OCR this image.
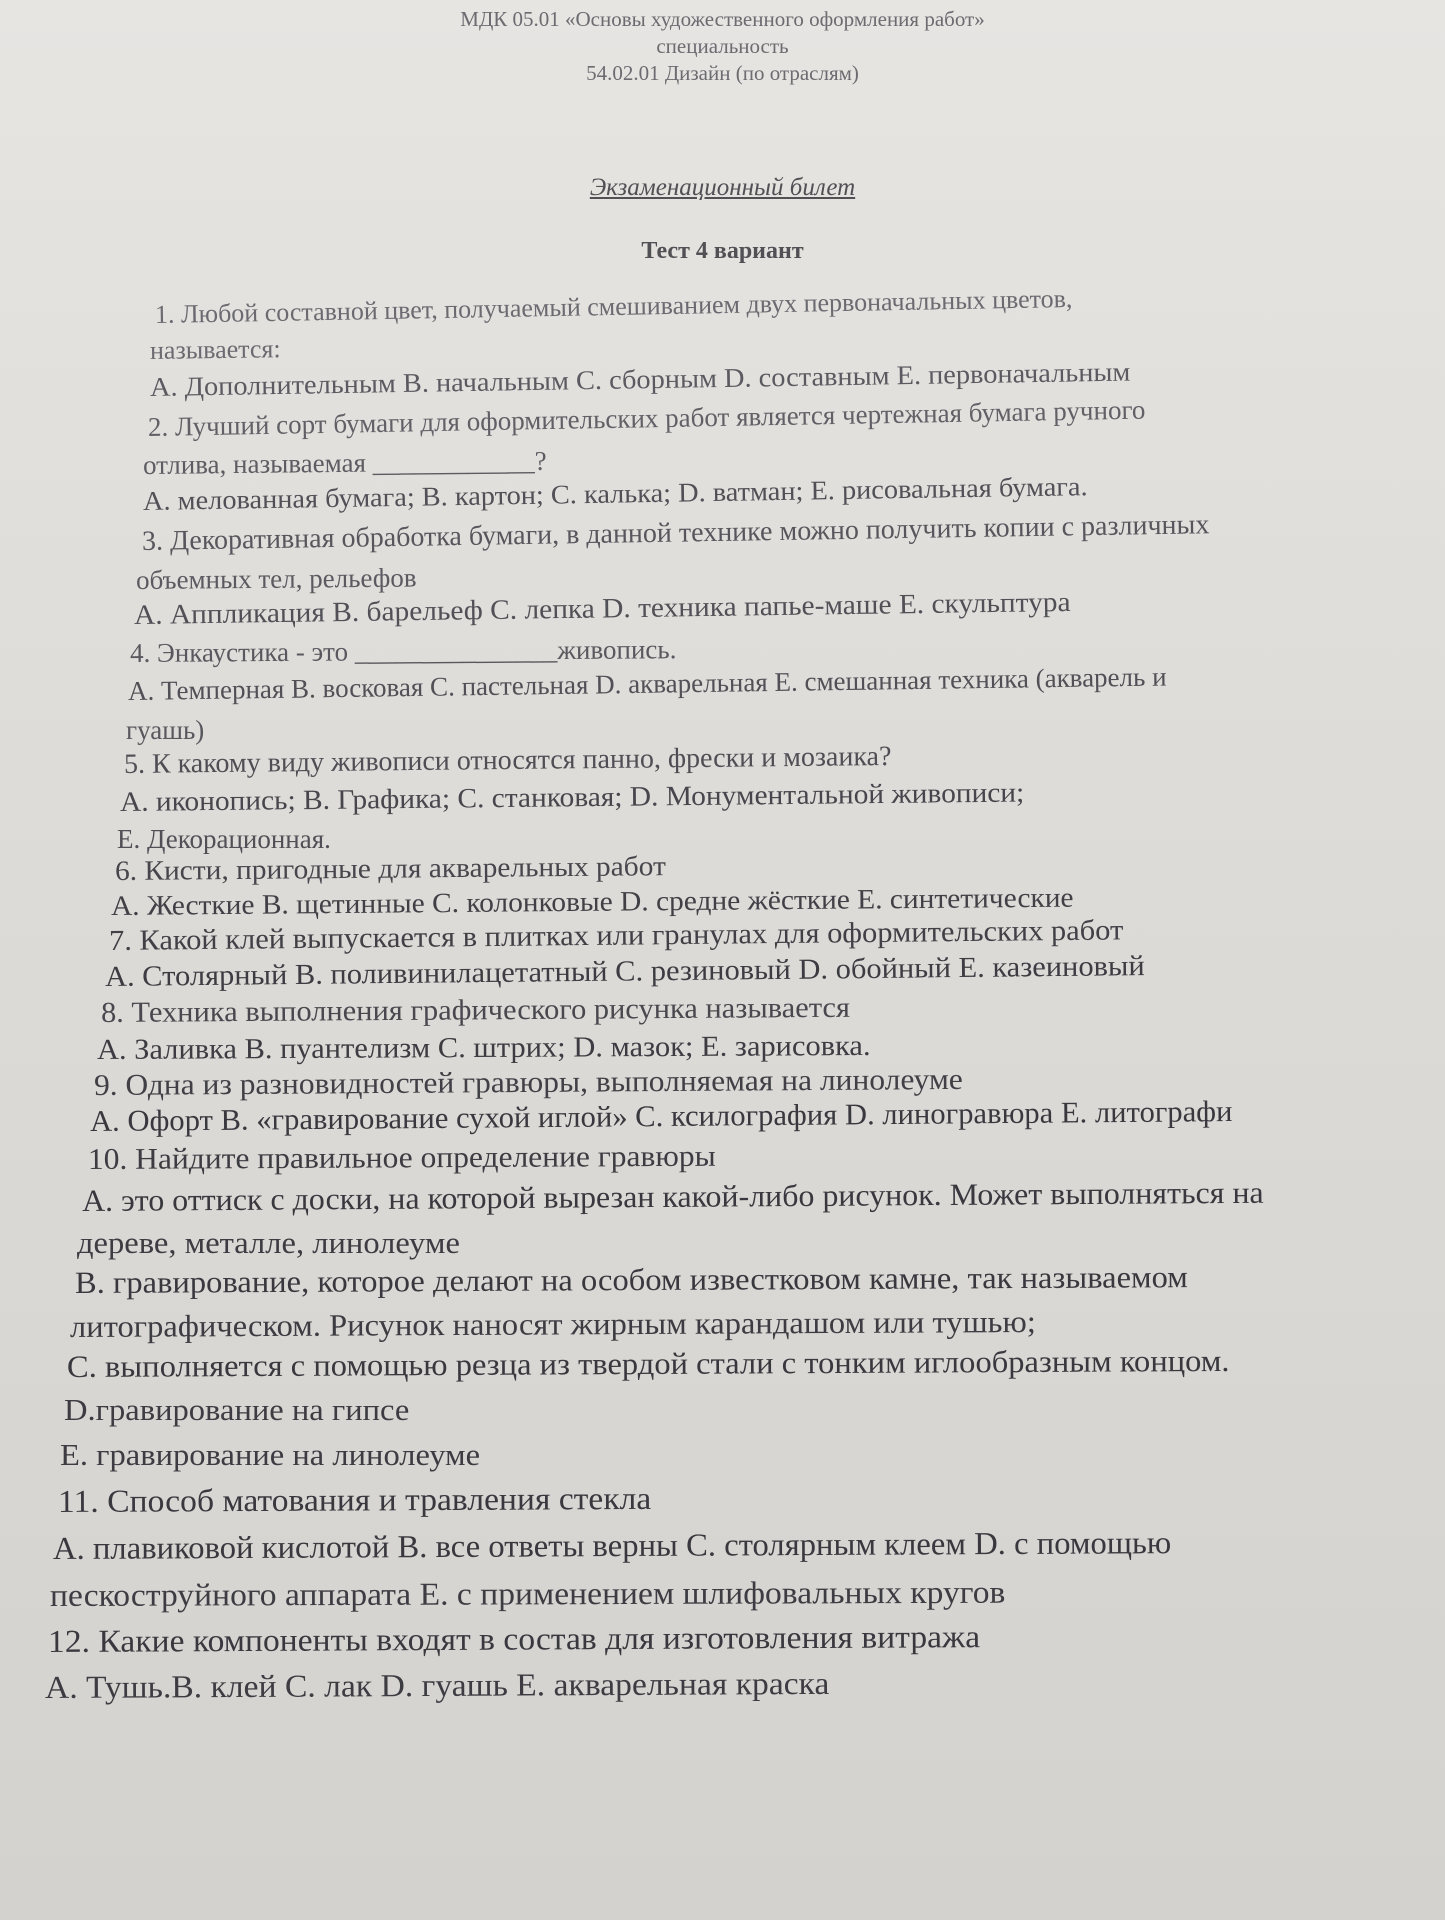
МДК 05.01 «Основы художественного оформления работ»
специальность
54.02.01 Дизайн (по отраслям)
Экзаменационный билет
Тест 4 вариант
1. Любой составной цвет, получаемый смешиванием двух первоначальных цветов,
называется:
А. Дополнительным В. начальным С. сборным D. составным Е. первоначальным
2. Лучший сорт бумаги для оформительских работ является чертежная бумага ручного
отлива, называемая ____________?
А. мелованная бумага; В. картон; С. калька; D. ватман; Е. рисовальная бумага.
3. Декоративная обработка бумаги, в данной технике можно получить копии с различных
объемных тел, рельефов
А. Аппликация В. барельеф С. лепка D. техника папье-маше Е. скульптура
4. Энкаустика - это _______________живопись.
А. Темперная В. восковая С. пастельная D. акварельная Е. смешанная техника (акварель и
гуашь)
5. К какому виду живописи относятся панно, фрески и мозаика?
А. иконопись; В. Графика; С. станковая; D. Монументальной живописи;
Е. Декорационная.
6. Кисти, пригодные для акварельных работ
А. Жесткие В. щетинные С. колонковые D. средне жёсткие Е. синтетические
7. Какой клей выпускается в плитках или гранулах для оформительских работ
А. Столярный В. поливинилацетатный С. резиновый D. обойный Е. казеиновый
8. Техника выполнения графического рисунка называется
А. Заливка В. пуантелизм С. штрих; D. мазок; Е. зарисовка.
9. Одна из разновидностей гравюры, выполняемая на линолеуме
А. Офорт В. «гравирование сухой иглой» С. ксилография D. линогравюра Е. литографи
10. Найдите правильное определение гравюры
А. это оттиск с доски, на которой вырезан какой-либо рисунок. Может выполняться на
дереве, металле, линолеуме
В. гравирование, которое делают на особом известковом камне, так называемом
литографическом. Рисунок наносят жирным карандашом или тушью;
С. выполняется с помощью резца из твердой стали с тонким иглообразным концом.
D.гравирование на гипсе
Е. гравирование на линолеуме
11. Способ матования и травления стекла
А. плавиковой кислотой В. все ответы верны С. столярным клеем D. с помощью
пескоструйного аппарата Е. с применением шлифовальных кругов
12. Какие компоненты входят в состав для изготовления витража
А. Тушь.В. клей С. лак D. гуашь Е. акварельная краска
